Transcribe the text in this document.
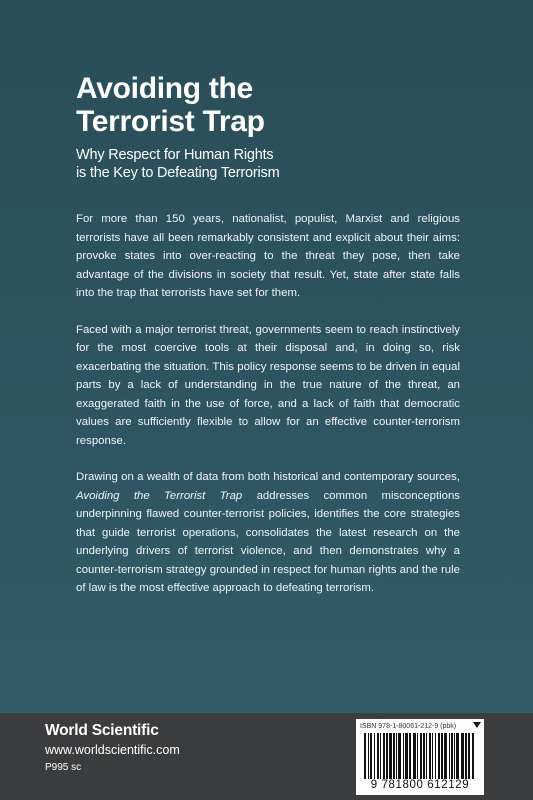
Avoiding the
Terrorist Trap
Why Respect for Human Rights
is the Key to Defeating Terrorism

For more than 150 years, nationalist, populist, Marxist and religious terrorists have all been remarkably consistent and explicit about their aims: provoke states into over-reacting to the threat they pose, then take advantage of the divisions in society that result. Yet, state after state falls into the trap that terrorists have set for them.

Faced with a major terrorist threat, governments seem to reach instinctively for the most coercive tools at their disposal and, in doing so, risk exacerbating the situation. This policy response seems to be driven in equal parts by a lack of understanding in the true nature of the threat, an exaggerated faith in the use of force, and a lack of faith that democratic values are sufficiently flexible to allow for an effective counter-terrorism response.

Drawing on a wealth of data from both historical and contemporary sources, Avoiding the Terrorist Trap addresses common misconceptions underpinning flawed counter-terrorist policies, identifies the core strategies that guide terrorist operations, consolidates the latest research on the underlying drivers of terrorist violence, and then demonstrates why a counter-terrorism strategy grounded in respect for human rights and the rule of law is the most effective approach to defeating terrorism.

World Scientific
www.worldscientific.com
P995 sc
ISBN 978-1-80061-212-9 (pbk)
9 781800 612129
